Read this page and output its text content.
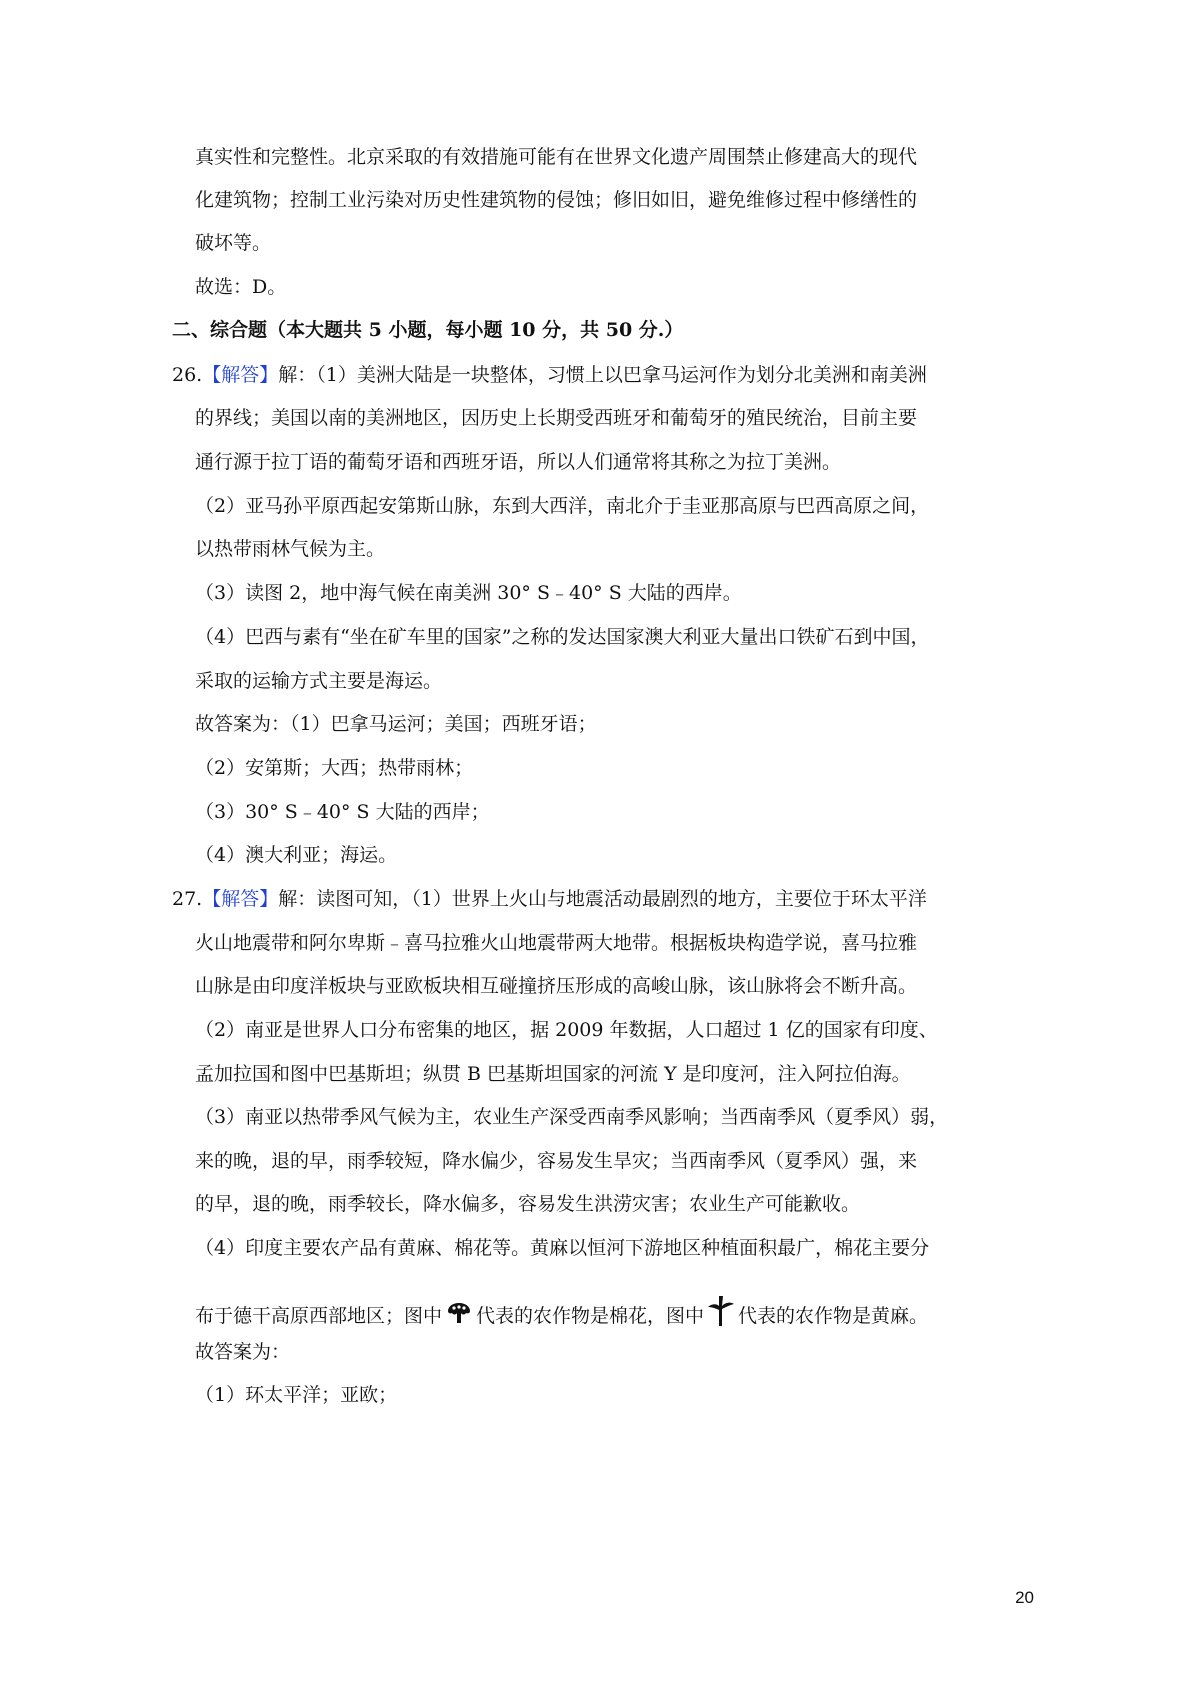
真实性和完整性。北京采取的有效措施可能有在世界文化遗产周围禁止修建高大的现代
化建筑物；控制工业污染对历史性建筑物的侵蚀；修旧如旧，避免维修过程中修缮性的
破坏等。
故选：D。
二、综合题（本大题共 5 小题，每小题 10 分，共 50 分.）
26.【解答】解：（1）美洲大陆是一块整体，习惯上以巴拿马运河作为划分北美洲和南美洲
的界线；美国以南的美洲地区，因历史上长期受西班牙和葡萄牙的殖民统治，目前主要
通行源于拉丁语的葡萄牙语和西班牙语，所以人们通常将其称之为拉丁美洲。
（2）亚马孙平原西起安第斯山脉，东到大西洋，南北介于圭亚那高原与巴西高原之间，
以热带雨林气候为主。
（3）读图 2，地中海气候在南美洲 30° S﹣40° S 大陆的西岸。
（4）巴西与素有“坐在矿车里的国家”之称的发达国家澳大利亚大量出口铁矿石到中国，
采取的运输方式主要是海运。
故答案为：（1）巴拿马运河；美国；西班牙语；
（2）安第斯；大西；热带雨林；
（3）30° S﹣40° S 大陆的西岸；
（4）澳大利亚；海运。
27.【解答】解：读图可知，（1）世界上火山与地震活动最剧烈的地方，主要位于环太平洋
火山地震带和阿尔卑斯﹣喜马拉雅火山地震带两大地带。根据板块构造学说，喜马拉雅
山脉是由印度洋板块与亚欧板块相互碰撞挤压形成的高峻山脉，该山脉将会不断升高。
（2）南亚是世界人口分布密集的地区，据 2009 年数据，人口超过 1 亿的国家有印度、
孟加拉国和图中巴基斯坦；纵贯 B 巴基斯坦国家的河流 Y 是印度河，注入阿拉伯海。
（3）南亚以热带季风气候为主，农业生产深受西南季风影响；当西南季风（夏季风）弱，
来的晚，退的早，雨季较短，降水偏少，容易发生旱灾；当西南季风（夏季风）强，来
的早，退的晚，雨季较长，降水偏多，容易发生洪涝灾害；农业生产可能歉收。
（4）印度主要农产品有黄麻、棉花等。黄麻以恒河下游地区种植面积最广，棉花主要分
布于德干高原西部地区；图中 代表的农作物是棉花，图中 代表的农作物是黄麻。
故答案为：
（1）环太平洋；亚欧；
20
